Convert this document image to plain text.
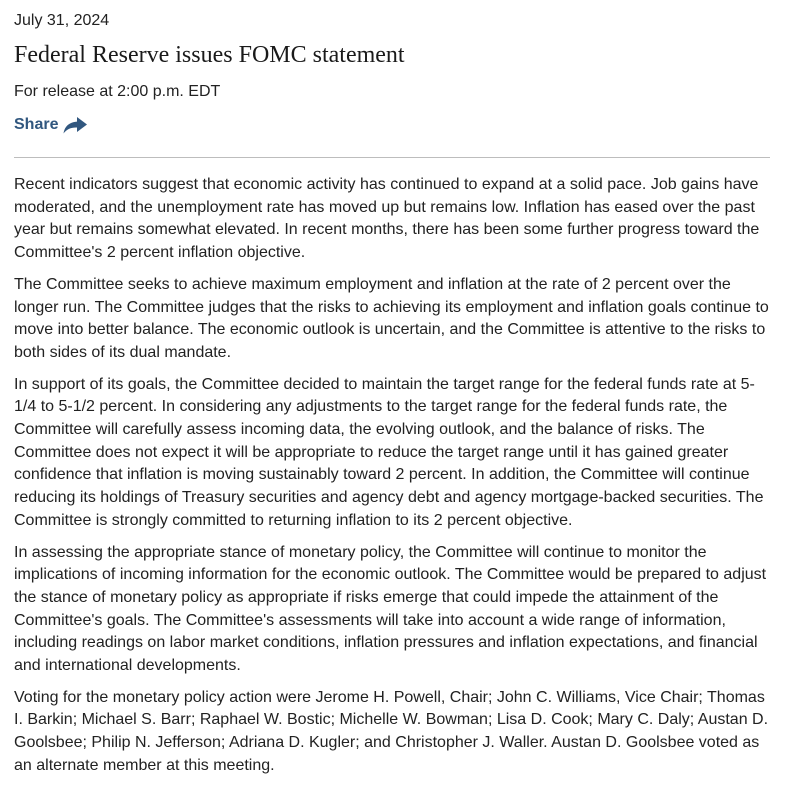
July 31, 2024
Federal Reserve issues FOMC statement
For release at 2:00 p.m. EDT
Share

Recent indicators suggest that economic activity has continued to expand at a solid pace. Job gains have moderated, and the unemployment rate has moved up but remains low. Inflation has eased over the past year but remains somewhat elevated. In recent months, there has been some further progress toward the Committee's 2 percent inflation objective.

The Committee seeks to achieve maximum employment and inflation at the rate of 2 percent over the longer run. The Committee judges that the risks to achieving its employment and inflation goals continue to move into better balance. The economic outlook is uncertain, and the Committee is attentive to the risks to both sides of its dual mandate.

In support of its goals, the Committee decided to maintain the target range for the federal funds rate at 5-1/4 to 5-1/2 percent. In considering any adjustments to the target range for the federal funds rate, the Committee will carefully assess incoming data, the evolving outlook, and the balance of risks. The Committee does not expect it will be appropriate to reduce the target range until it has gained greater confidence that inflation is moving sustainably toward 2 percent. In addition, the Committee will continue reducing its holdings of Treasury securities and agency debt and agency mortgage-backed securities. The Committee is strongly committed to returning inflation to its 2 percent objective.

In assessing the appropriate stance of monetary policy, the Committee will continue to monitor the implications of incoming information for the economic outlook. The Committee would be prepared to adjust the stance of monetary policy as appropriate if risks emerge that could impede the attainment of the Committee's goals. The Committee's assessments will take into account a wide range of information, including readings on labor market conditions, inflation pressures and inflation expectations, and financial and international developments.

Voting for the monetary policy action were Jerome H. Powell, Chair; John C. Williams, Vice Chair; Thomas I. Barkin; Michael S. Barr; Raphael W. Bostic; Michelle W. Bowman; Lisa D. Cook; Mary C. Daly; Austan D. Goolsbee; Philip N. Jefferson; Adriana D. Kugler; and Christopher J. Waller. Austan D. Goolsbee voted as an alternate member at this meeting.
